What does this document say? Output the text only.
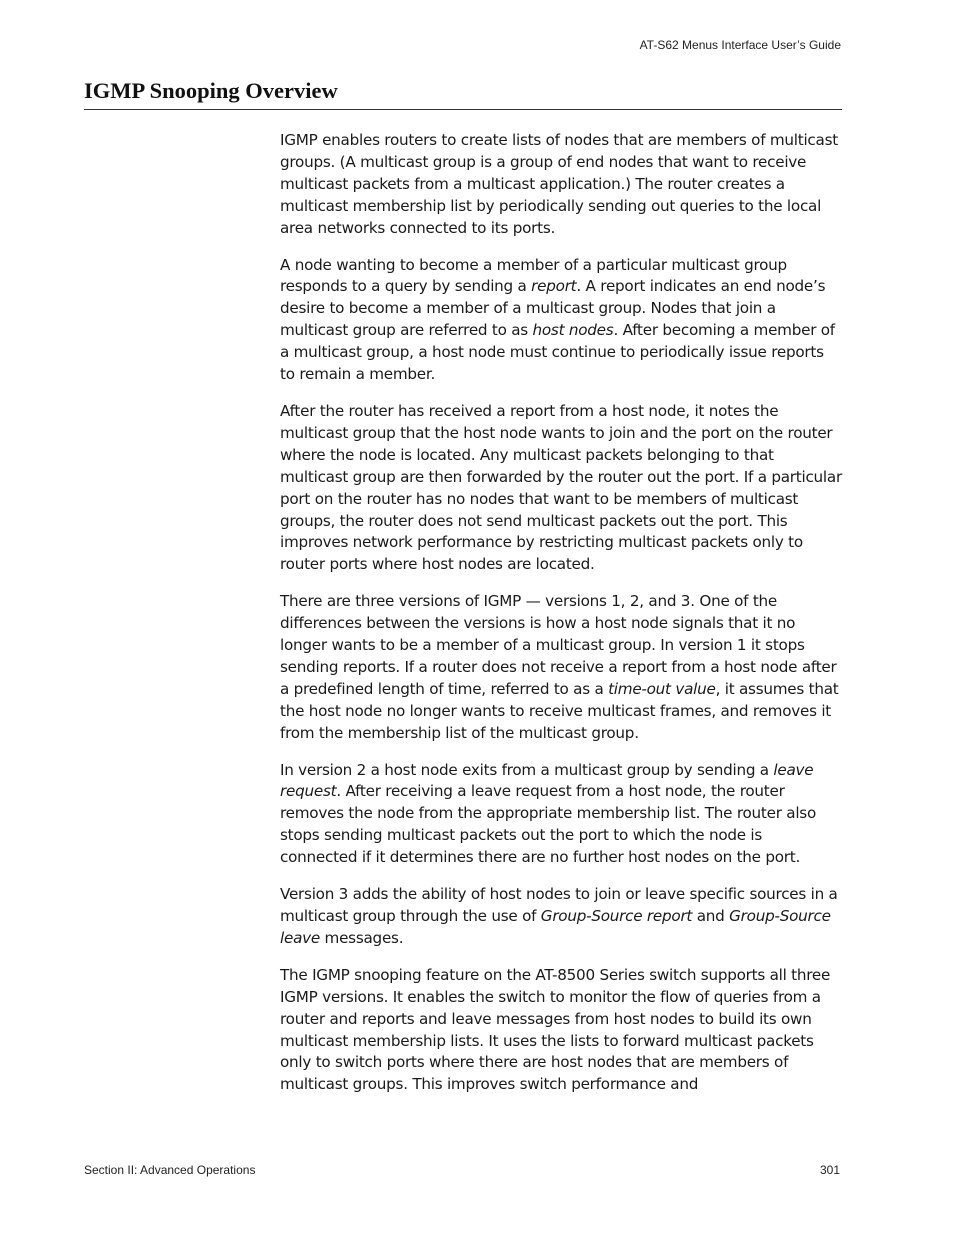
AT-S62 Menus Interface User’s Guide
IGMP Snooping Overview

IGMP enables routers to create lists of nodes that are members of multicast groups. (A multicast group is a group of end nodes that want to receive multicast packets from a multicast application.) The router creates a multicast membership list by periodically sending out queries to the local area networks connected to its ports.

A node wanting to become a member of a particular multicast group responds to a query by sending a report. A report indicates an end node’s desire to become a member of a multicast group. Nodes that join a multicast group are referred to as host nodes. After becoming a member of a multicast group, a host node must continue to periodically issue reports to remain a member.

After the router has received a report from a host node, it notes the multicast group that the host node wants to join and the port on the router where the node is located. Any multicast packets belonging to that multicast group are then forwarded by the router out the port. If a particular port on the router has no nodes that want to be members of multicast groups, the router does not send multicast packets out the port. This improves network performance by restricting multicast packets only to router ports where host nodes are located.

There are three versions of IGMP — versions 1, 2, and 3. One of the differences between the versions is how a host node signals that it no longer wants to be a member of a multicast group. In version 1 it stops sending reports. If a router does not receive a report from a host node after a predefined length of time, referred to as a time-out value, it assumes that the host node no longer wants to receive multicast frames, and removes it from the membership list of the multicast group.

In version 2 a host node exits from a multicast group by sending a leave request. After receiving a leave request from a host node, the router removes the node from the appropriate membership list. The router also stops sending multicast packets out the port to which the node is connected if it determines there are no further host nodes on the port.

Version 3 adds the ability of host nodes to join or leave specific sources in a multicast group through the use of Group-Source report and Group-Source leave messages.

The IGMP snooping feature on the AT-8500 Series switch supports all three IGMP versions. It enables the switch to monitor the flow of queries from a router and reports and leave messages from host nodes to build its own multicast membership lists. It uses the lists to forward multicast packets only to switch ports where there are host nodes that are members of multicast groups. This improves switch performance and

Section II: Advanced Operations	301
